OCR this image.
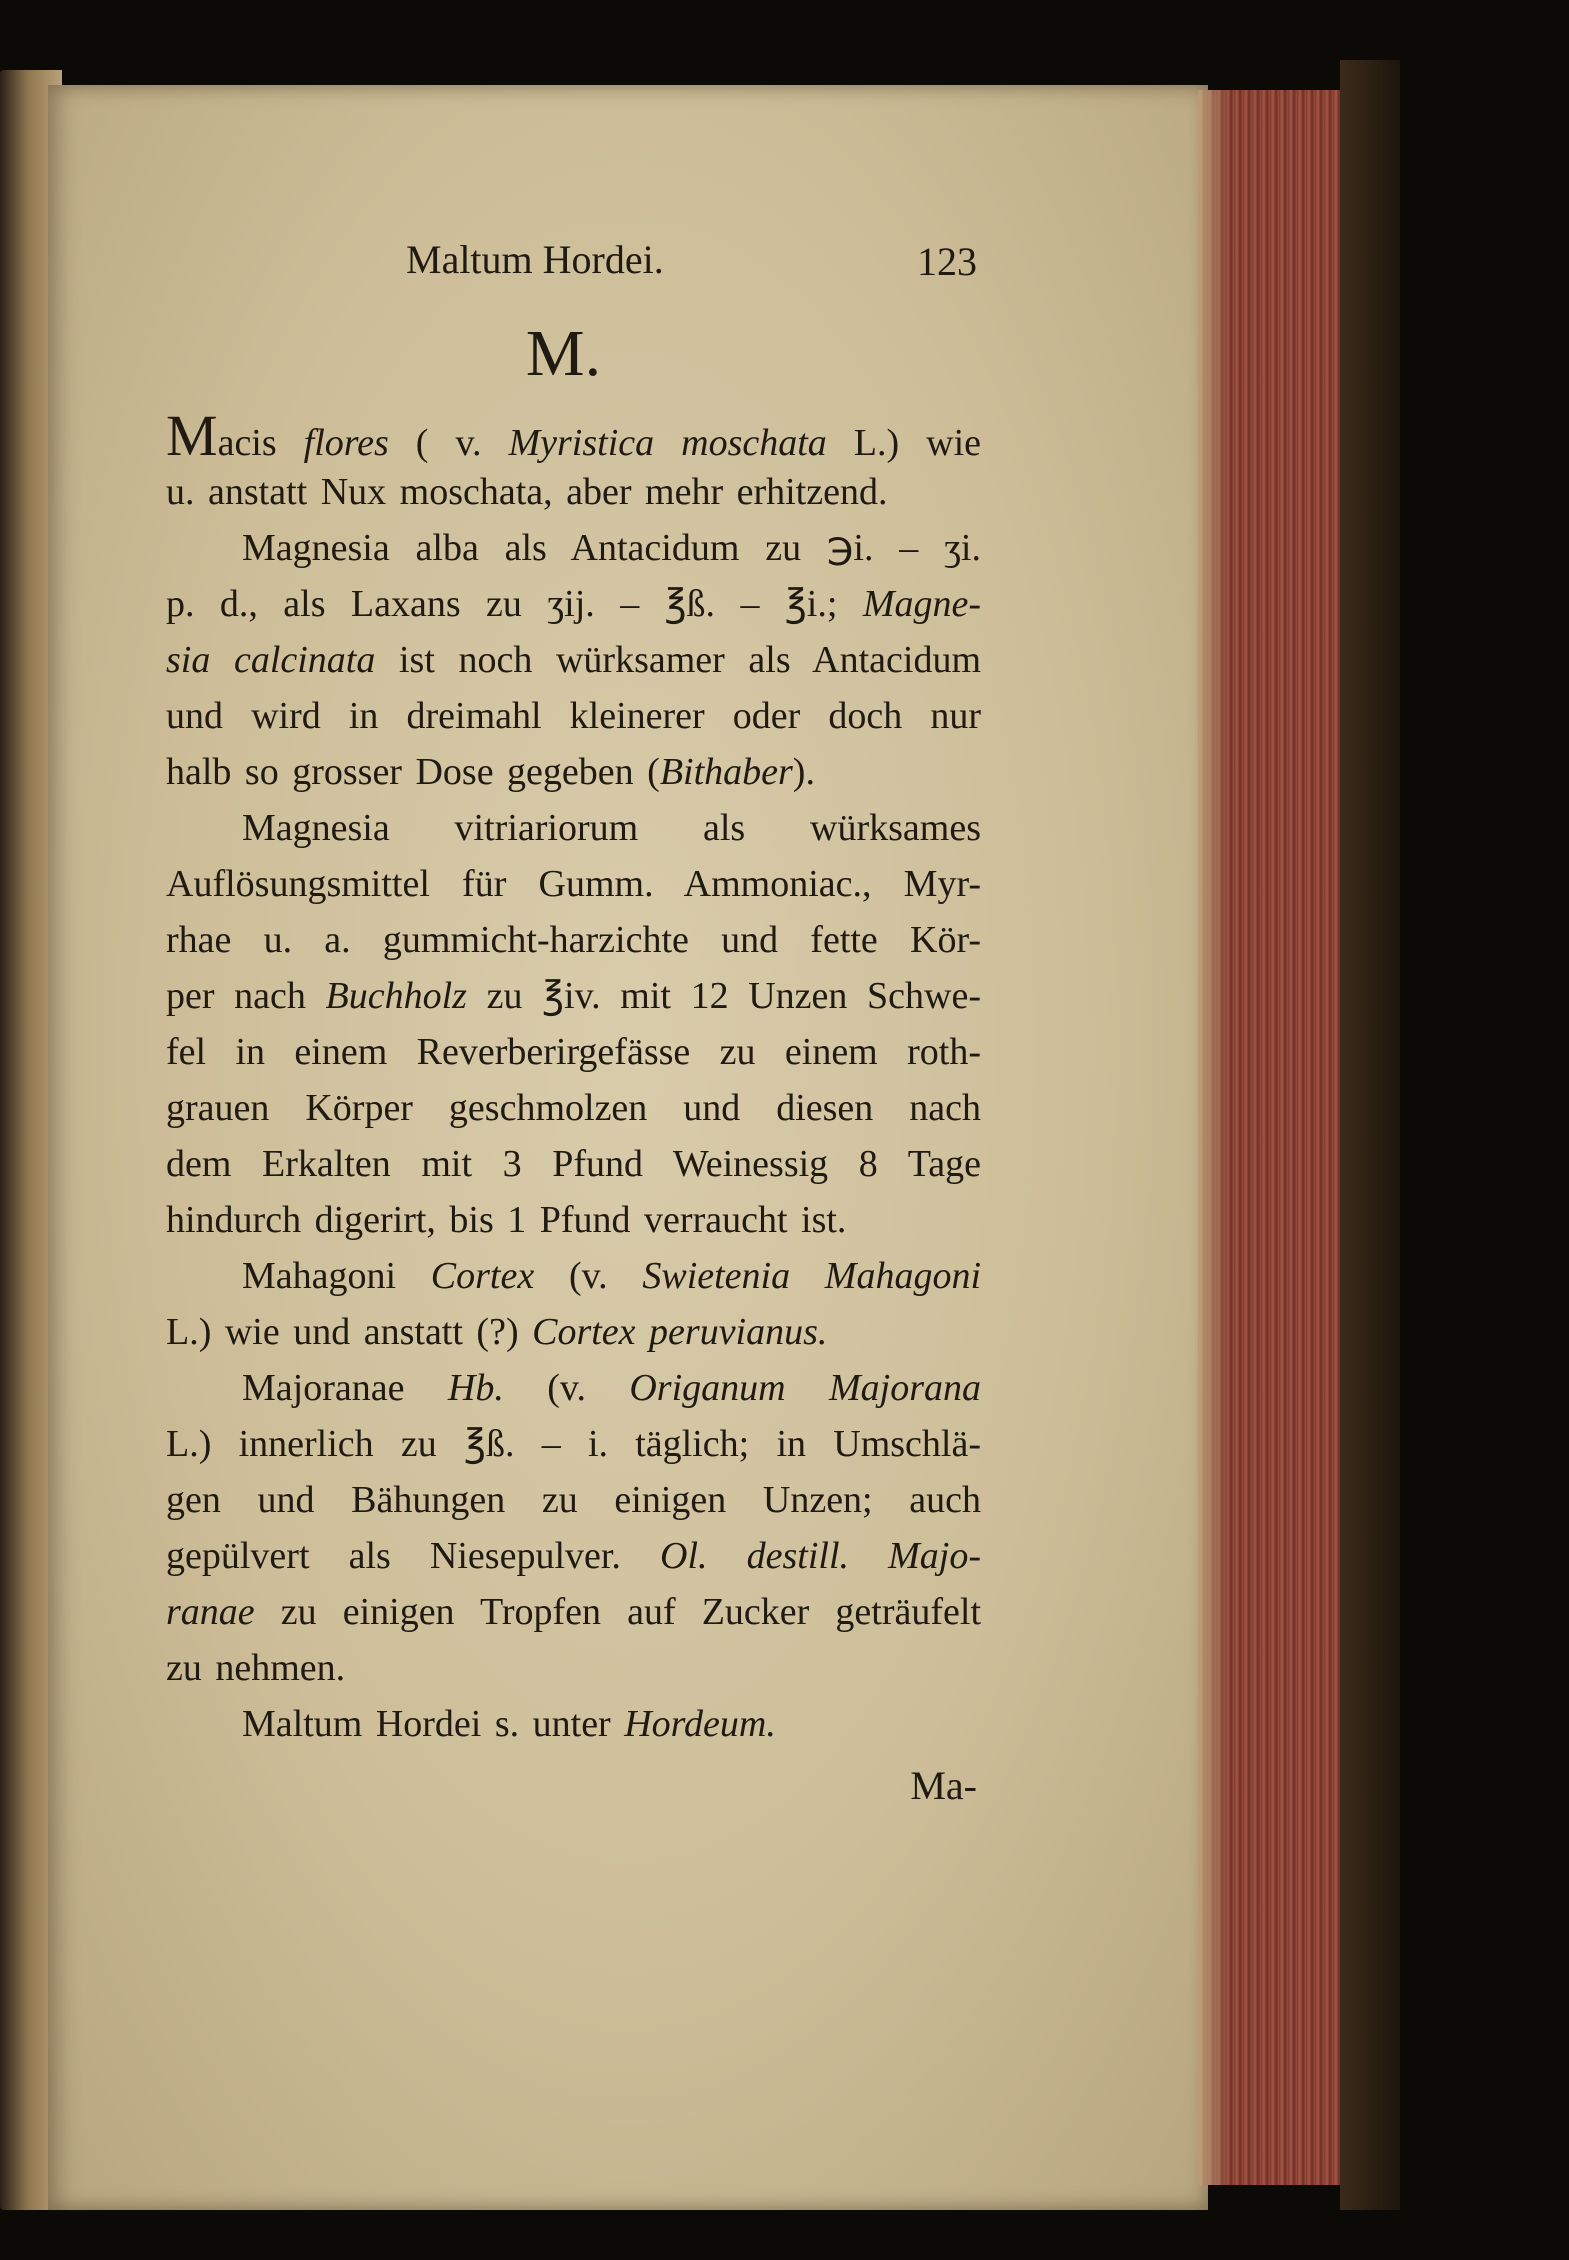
Maltum Hordei.	123
M.
Macis flores ( v. Myristica moschata L.) wie
u. anstatt Nux moschata, aber mehr erhitzend.
Magnesia alba als Antacidum zu ℈i. – ʒi.
p. d., als Laxans zu ʒij. – ℥ß. – ℥i.; Magne-
sia calcinata ist noch würksamer als Antacidum
und wird in dreimahl kleinerer oder doch nur
halb so grosser Dose gegeben (Bithaber).
Magnesia vitriariorum als würksames
Auflösungsmittel für Gumm. Ammoniac., Myr-
rhae u. a. gummicht-harzichte und fette Kör-
per nach Buchholz zu ℥iv. mit 12 Unzen Schwe-
fel in einem Reverberirgefässe zu einem roth-
grauen Körper geschmolzen und diesen nach
dem Erkalten mit 3 Pfund Weinessig 8 Tage
hindurch digerirt, bis 1 Pfund verraucht ist.
Mahagoni Cortex (v. Swietenia Mahagoni
L.) wie und anstatt (?) Cortex peruvianus.
Majoranae Hb. (v. Origanum Majorana
L.) innerlich zu ℥ß. – i. täglich; in Umschlä-
gen und Bähungen zu einigen Unzen; auch
gepülvert als Niesepulver. Ol. destill. Majo-
ranae zu einigen Tropfen auf Zucker geträufelt
zu nehmen.
Maltum Hordei s. unter Hordeum.
Ma-
